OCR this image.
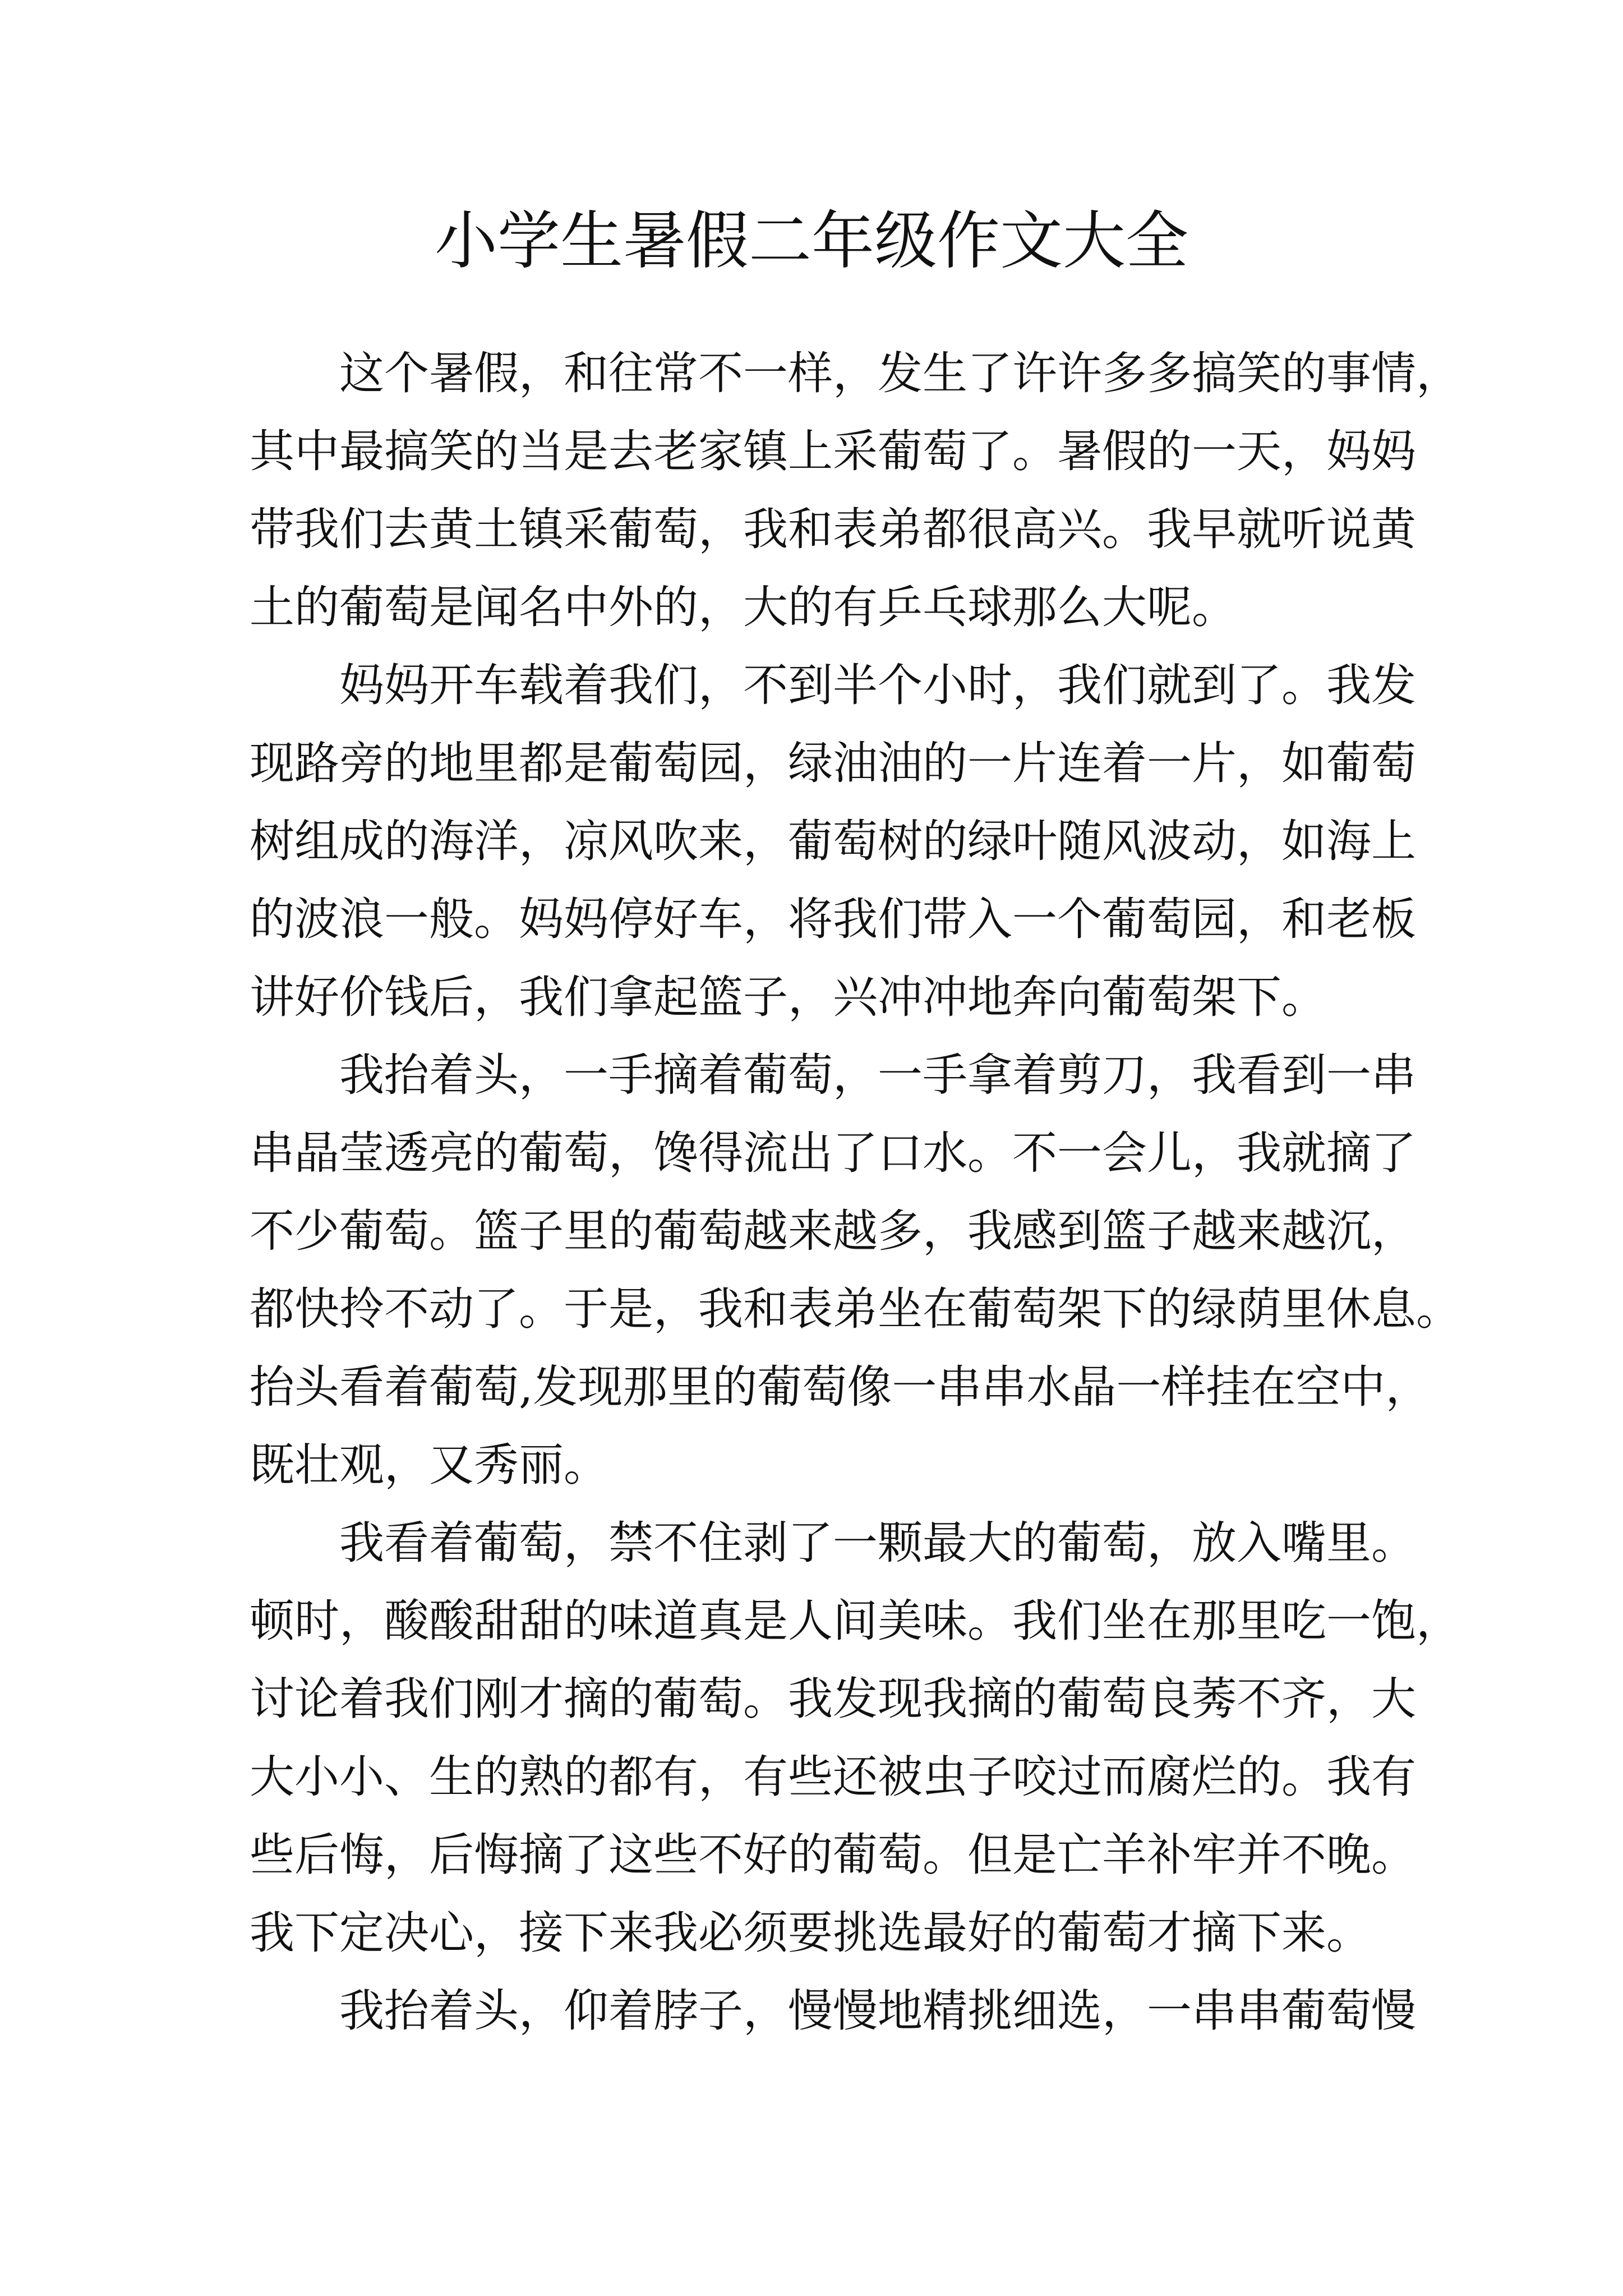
小学生暑假二年级作文大全
这个暑假，和往常不一样，发生了许许多多搞笑的事情，
其中最搞笑的当是去老家镇上采葡萄了。暑假的一天，妈妈
带我们去黄土镇采葡萄，我和表弟都很高兴。我早就听说黄
土的葡萄是闻名中外的，大的有乒乓球那么大呢。
妈妈开车载着我们，不到半个小时，我们就到了。我发
现路旁的地里都是葡萄园，绿油油的一片连着一片，如葡萄
树组成的海洋，凉风吹来，葡萄树的绿叶随风波动，如海上
的波浪一般。妈妈停好车，将我们带入一个葡萄园，和老板
讲好价钱后，我们拿起篮子，兴冲冲地奔向葡萄架下。
我抬着头，一手摘着葡萄，一手拿着剪刀，我看到一串
串晶莹透亮的葡萄，馋得流出了口水。不一会儿，我就摘了
不少葡萄。篮子里的葡萄越来越多，我感到篮子越来越沉，
都快拎不动了。于是，我和表弟坐在葡萄架下的绿荫里休息。
抬头看着葡萄,发现那里的葡萄像一串串水晶一样挂在空中，
既壮观，又秀丽。
我看着葡萄，禁不住剥了一颗最大的葡萄，放入嘴里。
顿时，酸酸甜甜的味道真是人间美味。我们坐在那里吃一饱，
讨论着我们刚才摘的葡萄。我发现我摘的葡萄良莠不齐，大
大小小、生的熟的都有，有些还被虫子咬过而腐烂的。我有
些后悔，后悔摘了这些不好的葡萄。但是亡羊补牢并不晚。
我下定决心，接下来我必须要挑选最好的葡萄才摘下来。
我抬着头，仰着脖子，慢慢地精挑细选，一串串葡萄慢
